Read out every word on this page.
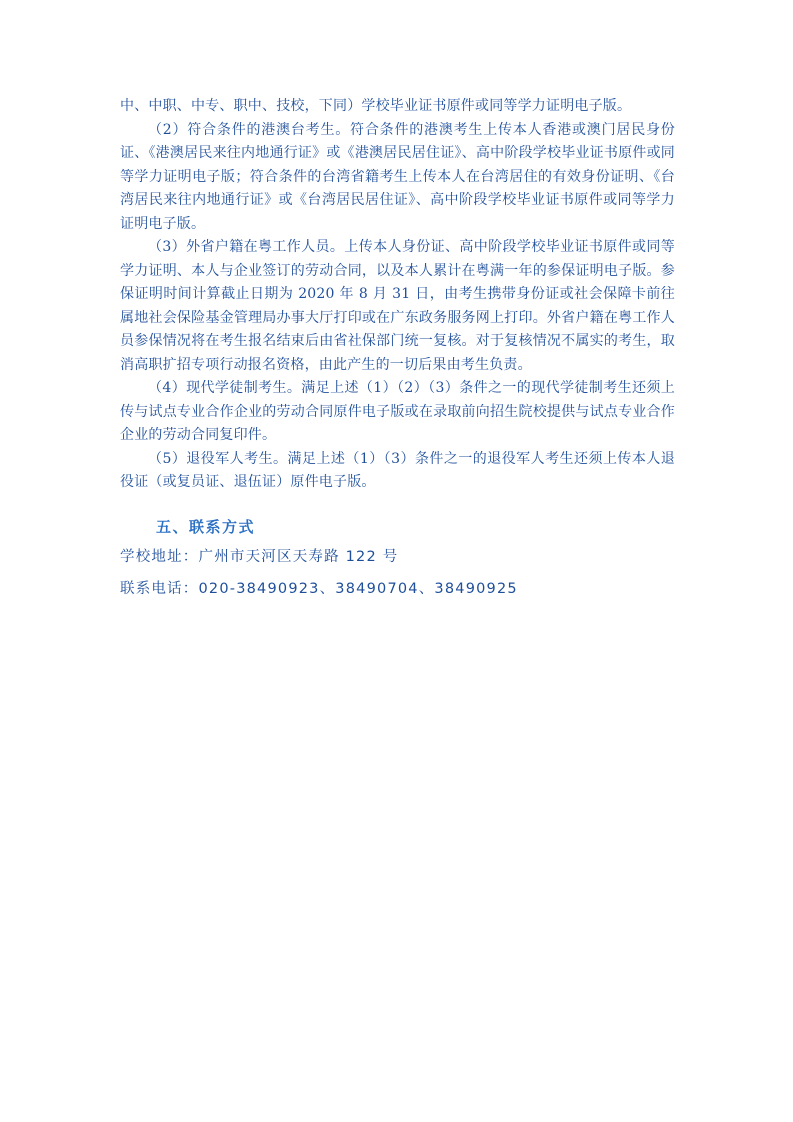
中、中职、中专、职中、技校，下同）学校毕业证书原件或同等学力证明电子版。

（2）符合条件的港澳台考生。符合条件的港澳考生上传本人香港或澳门居民身份证、《港澳居民来往内地通行证》或《港澳居民居住证》、高中阶段学校毕业证书原件或同等学力证明电子版；符合条件的台湾省籍考生上传本人在台湾居住的有效身份证明、《台湾居民来往内地通行证》或《台湾居民居住证》、高中阶段学校毕业证书原件或同等学力证明电子版。

（3）外省户籍在粤工作人员。上传本人身份证、高中阶段学校毕业证书原件或同等学力证明、本人与企业签订的劳动合同，以及本人累计在粤满一年的参保证明电子版。参保证明时间计算截止日期为 2020 年 8 月 31 日，由考生携带身份证或社会保障卡前往属地社会保险基金管理局办事大厅打印或在广东政务服务网上打印。外省户籍在粤工作人员参保情况将在考生报名结束后由省社保部门统一复核。对于复核情况不属实的考生，取消高职扩招专项行动报名资格，由此产生的一切后果由考生负责。

（4）现代学徒制考生。满足上述（1）（2）（3）条件之一的现代学徒制考生还须上传与试点专业合作企业的劳动合同原件电子版或在录取前向招生院校提供与试点专业合作企业的劳动合同复印件。

（5）退役军人考生。满足上述（1）（3）条件之一的退役军人考生还须上传本人退役证（或复员证、退伍证）原件电子版。

五、联系方式

学校地址：广州市天河区天寿路 122 号

联系电话：020-38490923、38490704、38490925
